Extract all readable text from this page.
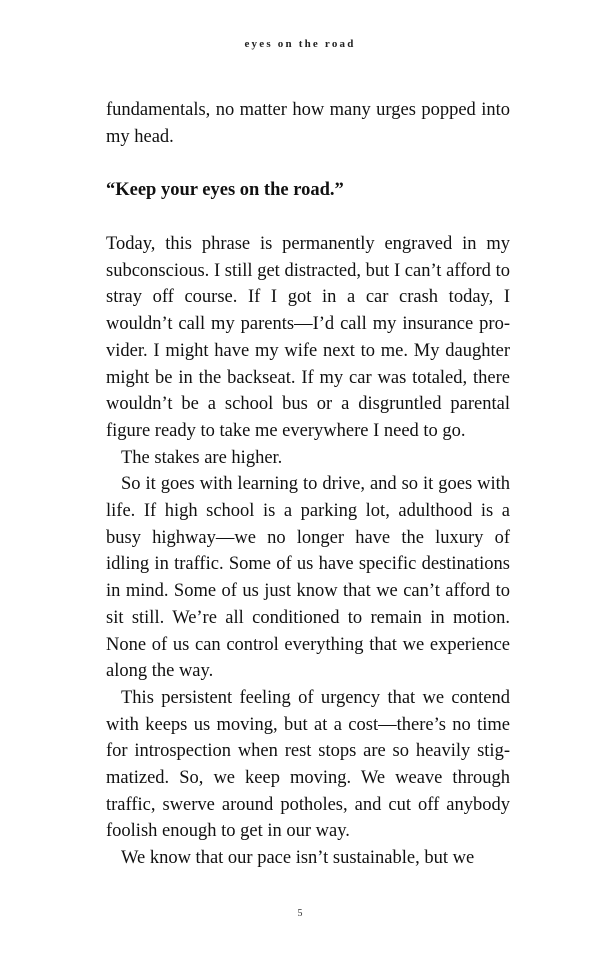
eyes on the road

fundamentals, no matter how many urges popped into my head.

“Keep your eyes on the road.”

Today, this phrase is permanently engraved in my subconscious. I still get distracted, but I can’t afford to stray off course. If I got in a car crash today, I wouldn’t call my parents—I’d call my insurance provider. I might have my wife next to me. My daughter might be in the backseat. If my car was totaled, there wouldn’t be a school bus or a disgruntled parental figure ready to take me everywhere I need to go.

The stakes are higher.

So it goes with learning to drive, and so it goes with life. If high school is a parking lot, adulthood is a busy highway—we no longer have the luxury of idling in traffic. Some of us have specific destinations in mind. Some of us just know that we can’t afford to sit still. We’re all conditioned to remain in motion. None of us can control everything that we experience along the way.

This persistent feeling of urgency that we contend with keeps us moving, but at a cost—there’s no time for introspection when rest stops are so heavily stigmatized. So, we keep moving. We weave through traffic, swerve around potholes, and cut off anybody foolish enough to get in our way.

We know that our pace isn’t sustainable, but we

5
